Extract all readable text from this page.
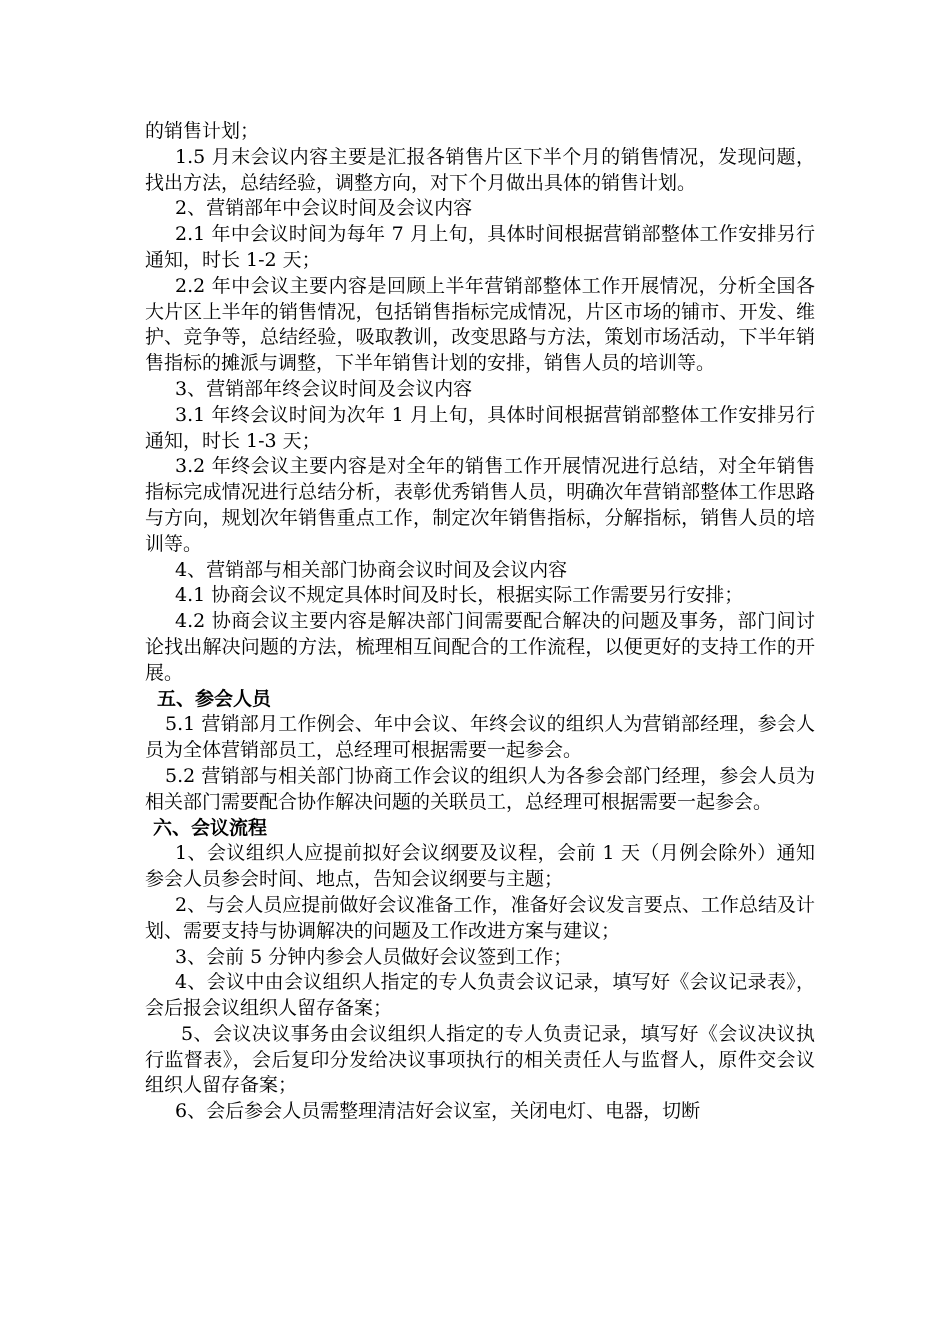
的销售计划；

1.5 月末会议内容主要是汇报各销售片区下半个月的销售情况，发现问题，找出方法，总结经验，调整方向，对下个月做出具体的销售计划。

2、营销部年中会议时间及会议内容

2.1 年中会议时间为每年 7 月上旬，具体时间根据营销部整体工作安排另行通知，时长 1-2 天；

2.2 年中会议主要内容是回顾上半年营销部整体工作开展情况，分析全国各大片区上半年的销售情况，包括销售指标完成情况，片区市场的铺市、开发、维护、竞争等，总结经验，吸取教训，改变思路与方法，策划市场活动，下半年销售指标的摊派与调整，下半年销售计划的安排，销售人员的培训等。

3、营销部年终会议时间及会议内容

3.1 年终会议时间为次年 1 月上旬，具体时间根据营销部整体工作安排另行通知，时长 1-3 天；

3.2 年终会议主要内容是对全年的销售工作开展情况进行总结，对全年销售指标完成情况进行总结分析，表彰优秀销售人员，明确次年营销部整体工作思路与方向，规划次年销售重点工作，制定次年销售指标，分解指标，销售人员的培训等。

4、营销部与相关部门协商会议时间及会议内容

4.1 协商会议不规定具体时间及时长，根据实际工作需要另行安排；

4.2 协商会议主要内容是解决部门间需要配合解决的问题及事务，部门间讨论找出解决问题的方法，梳理相互间配合的工作流程，以便更好的支持工作的开展。

五、参会人员

5.1 营销部月工作例会、年中会议、年终会议的组织人为营销部经理，参会人员为全体营销部员工，总经理可根据需要一起参会。

5.2 营销部与相关部门协商工作会议的组织人为各参会部门经理，参会人员为相关部门需要配合协作解决问题的关联员工，总经理可根据需要一起参会。

六、会议流程

1、会议组织人应提前拟好会议纲要及议程，会前 1 天（月例会除外）通知参会人员参会时间、地点，告知会议纲要与主题；

2、与会人员应提前做好会议准备工作，准备好会议发言要点、工作总结及计划、需要支持与协调解决的问题及工作改进方案与建议；

3、会前 5 分钟内参会人员做好会议签到工作；

4、会议中由会议组织人指定的专人负责会议记录，填写好《会议记录表》，会后报会议组织人留存备案；

5、会议决议事务由会议组织人指定的专人负责记录，填写好《会议决议执行监督表》，会后复印分发给决议事项执行的相关责任人与监督人，原件交会议组织人留存备案；

6、会后参会人员需整理清洁好会议室，关闭电灯、电器，切断
